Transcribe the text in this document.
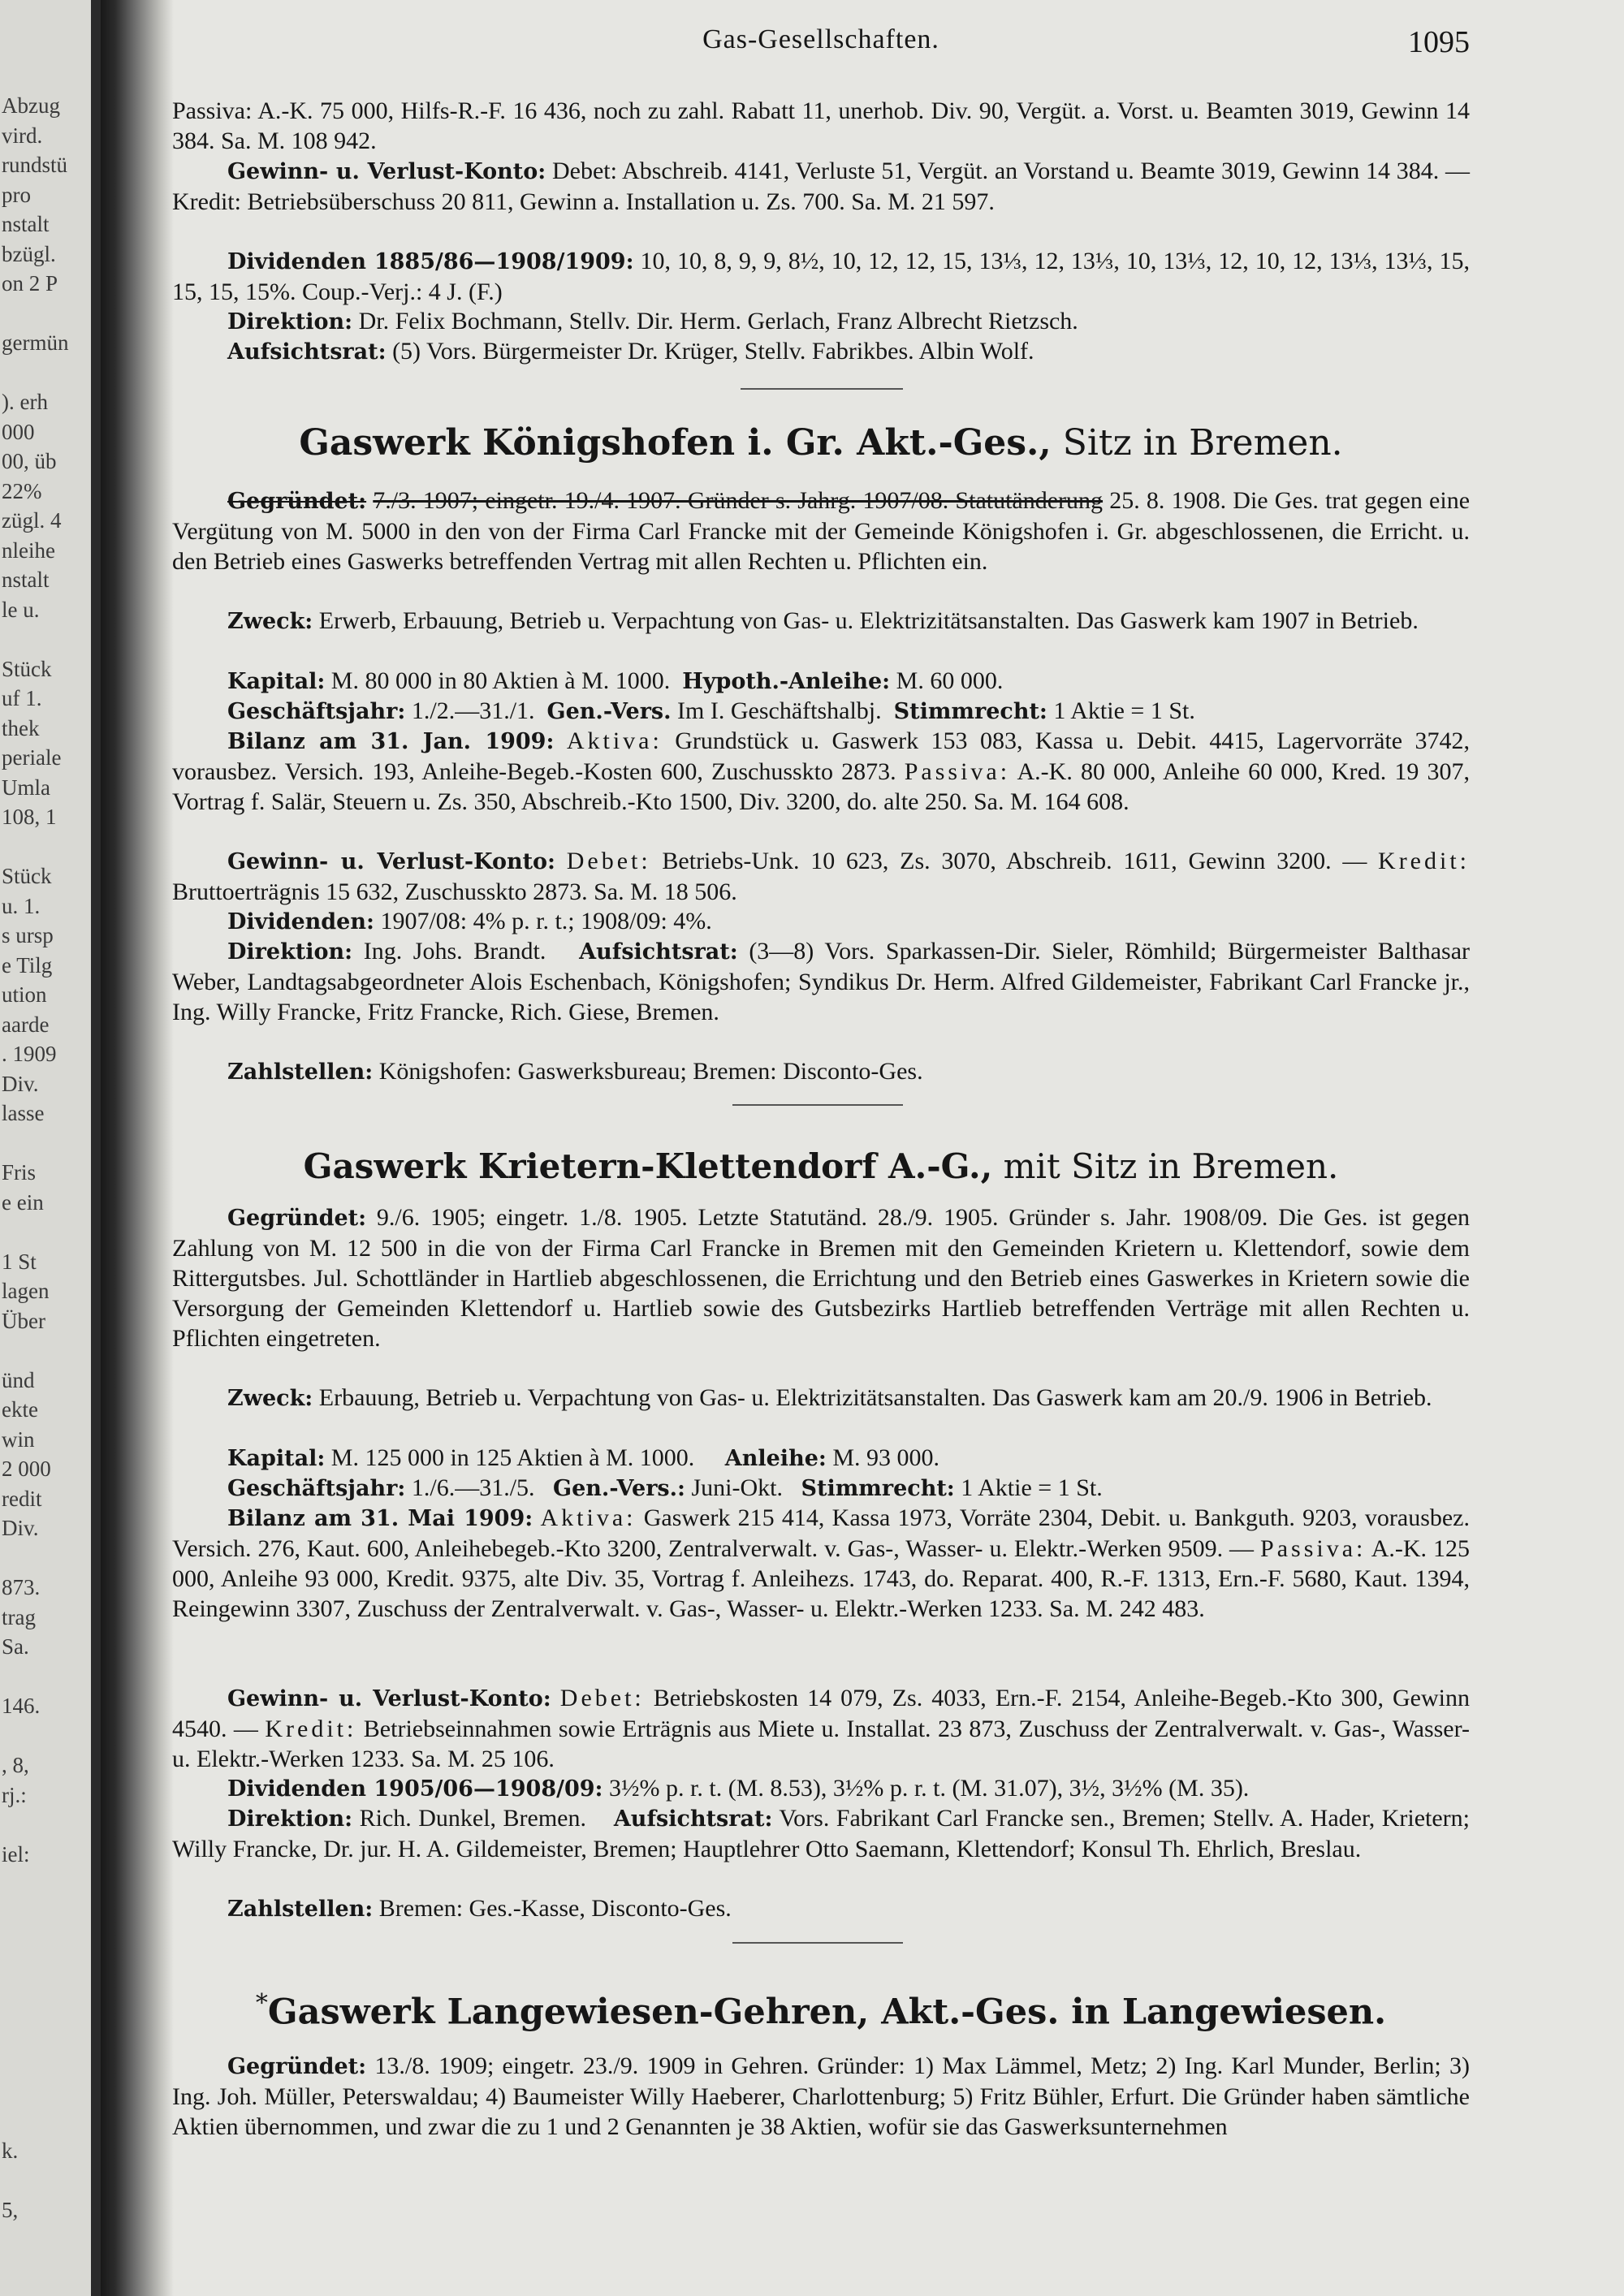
Abzug
vird.
rundstü
pro
nstalt
bzügl.
on 2 P

germün

). erh
000
00, üb
22%
zügl. 4
nleihe
nstalt
le u.

Stück
uf 1.
thek
periale
Umla
108, 1

Stück
u. 1.
s ursp
e Tilg
ution
aarde
. 1909
Div.
lasse

Fris
e ein

1 St
lagen
Über

ünd
ekte
win
2 000
redit
Div.

873.
trag
Sa.

146.

, 8,
rj.:

iel:

k.

5,
Gas-Gesellschaften.	1095
Passiva: A.-K. 75 000, Hilfs-R.-F. 16 436, noch zu zahl. Rabatt 11, unerhob. Div. 90, Vergüt. a. Vorst. u. Beamten 3019, Gewinn 14 384. Sa. M. 108 942.
Gewinn- u. Verlust-Konto: Debet: Abschreib. 4141, Verluste 51, Vergüt. an Vorstand u. Beamte 3019, Gewinn 14 384. — Kredit: Betriebsüberschuss 20 811, Gewinn a. Installation u. Zs. 700. Sa. M. 21 597.
Dividenden 1885/86—1908/1909: 10, 10, 8, 9, 9, 8½, 10, 12, 12, 15, 13⅓, 12, 13⅓, 10, 13⅓, 12, 10, 12, 13⅓, 13⅓, 15, 15, 15, 15%. Coup.-Verj.: 4 J. (F.)
Direktion: Dr. Felix Bochmann, Stellv. Dir. Herm. Gerlach, Franz Albrecht Rietzsch.
Aufsichtsrat: (5) Vors. Bürgermeister Dr. Krüger, Stellv. Fabrikbes. Albin Wolf.
Gaswerk Königshofen i. Gr. Akt.-Ges., Sitz in Bremen.
Gegründet: 7./3. 1907; eingetr. 19./4. 1907. Gründer s. Jahrg. 1907/08. Statutänderung 25. 8. 1908. Die Ges. trat gegen eine Vergütung von M. 5000 in den von der Firma Carl Francke mit der Gemeinde Königshofen i. Gr. abgeschlossenen, die Erricht. u. den Betrieb eines Gaswerks betreffenden Vertrag mit allen Rechten u. Pflichten ein.
Zweck: Erwerb, Erbauung, Betrieb u. Verpachtung von Gas- u. Elektrizitätsanstalten. Das Gaswerk kam 1907 in Betrieb.
Kapital: M. 80 000 in 80 Aktien à M. 1000. Hypoth.-Anleihe: M. 60 000.
Geschäftsjahr: 1./2.—31./1. Gen.-Vers. Im I. Geschäftshalbj. Stimmrecht: 1 Aktie = 1 St.
Bilanz am 31. Jan. 1909: Aktiva: Grundstück u. Gaswerk 153 083, Kassa u. Debit. 4415, Lagervorräte 3742, vorausbez. Versich. 193, Anleihe-Begeb.-Kosten 600, Zuschusskto 2873. Passiva: A.-K. 80 000, Anleihe 60 000, Kred. 19 307, Vortrag f. Salär, Steuern u. Zs. 350, Abschreib.-Kto 1500, Div. 3200, do. alte 250. Sa. M. 164 608.
Gewinn- u. Verlust-Konto: Debet: Betriebs-Unk. 10 623, Zs. 3070, Abschreib. 1611, Gewinn 3200. — Kredit: Bruttoerträgnis 15 632, Zuschusskto 2873. Sa. M. 18 506.
Dividenden: 1907/08: 4% p. r. t.; 1908/09: 4%.
Direktion: Ing. Johs. Brandt. Aufsichtsrat: (3—8) Vors. Sparkassen-Dir. Sieler, Römhild; Bürgermeister Balthasar Weber, Landtagsabgeordneter Alois Eschenbach, Königshofen; Syndikus Dr. Herm. Alfred Gildemeister, Fabrikant Carl Francke jr., Ing. Willy Francke, Fritz Francke, Rich. Giese, Bremen.
Zahlstellen: Königshofen: Gaswerksbureau; Bremen: Disconto-Ges.
Gaswerk Krietern-Klettendorf A.-G., mit Sitz in Bremen.
Gegründet: 9./6. 1905; eingetr. 1./8. 1905. Letzte Statutänd. 28./9. 1905. Gründer s. Jahr. 1908/09. Die Ges. ist gegen Zahlung von M. 12 500 in die von der Firma Carl Francke in Bremen mit den Gemeinden Krietern u. Klettendorf, sowie dem Rittergutsbes. Jul. Schottländer in Hartlieb abgeschlossenen, die Errichtung und den Betrieb eines Gaswerkes in Krietern sowie die Versorgung der Gemeinden Klettendorf u. Hartlieb sowie des Gutsbezirks Hartlieb betreffenden Verträge mit allen Rechten u. Pflichten eingetreten.
Zweck: Erbauung, Betrieb u. Verpachtung von Gas- u. Elektrizitätsanstalten. Das Gaswerk kam am 20./9. 1906 in Betrieb.
Kapital: M. 125 000 in 125 Aktien à M. 1000. Anleihe: M. 93 000.
Geschäftsjahr: 1./6.—31./5. Gen.-Vers.: Juni-Okt. Stimmrecht: 1 Aktie = 1 St.
Bilanz am 31. Mai 1909: Aktiva: Gaswerk 215 414, Kassa 1973, Vorräte 2304, Debit. u. Bankguth. 9203, vorausbez. Versich. 276, Kaut. 600, Anleihebegeb.-Kto 3200, Zentralverwalt. v. Gas-, Wasser- u. Elektr.-Werken 9509. — Passiva: A.-K. 125 000, Anleihe 93 000, Kredit. 9375, alte Div. 35, Vortrag f. Anleihezs. 1743, do. Reparat. 400, R.-F. 1313, Ern.-F. 5680, Kaut. 1394, Reingewinn 3307, Zuschuss der Zentralverwalt. v. Gas-, Wasser- u. Elektr.-Werken 1233. Sa. M. 242 483.
Gewinn- u. Verlust-Konto: Debet: Betriebskosten 14 079, Zs. 4033, Ern.-F. 2154, Anleihe-Begeb.-Kto 300, Gewinn 4540. — Kredit: Betriebseinnahmen sowie Erträgnis aus Miete u. Installat. 23 873, Zuschuss der Zentralverwalt. v. Gas-, Wasser- u. Elektr.-Werken 1233. Sa. M. 25 106.
Dividenden 1905/06—1908/09: 3½% p. r. t. (M. 8.53), 3½% p. r. t. (M. 31.07), 3½, 3½% (M. 35).
Direktion: Rich. Dunkel, Bremen. Aufsichtsrat: Vors. Fabrikant Carl Francke sen., Bremen; Stellv. A. Hader, Krietern; Willy Francke, Dr. jur. H. A. Gildemeister, Bremen; Hauptlehrer Otto Saemann, Klettendorf; Konsul Th. Ehrlich, Breslau.
Zahlstellen: Bremen: Ges.-Kasse, Disconto-Ges.
*Gaswerk Langewiesen-Gehren, Akt.-Ges. in Langewiesen.
Gegründet: 13./8. 1909; eingetr. 23./9. 1909 in Gehren. Gründer: 1) Max Lämmel, Metz; 2) Ing. Karl Munder, Berlin; 3) Ing. Joh. Müller, Peterswaldau; 4) Baumeister Willy Haeberer, Charlottenburg; 5) Fritz Bühler, Erfurt. Die Gründer haben sämtliche Aktien übernommen, und zwar die zu 1 und 2 Genannten je 38 Aktien, wofür sie das Gaswerksunternehmen
